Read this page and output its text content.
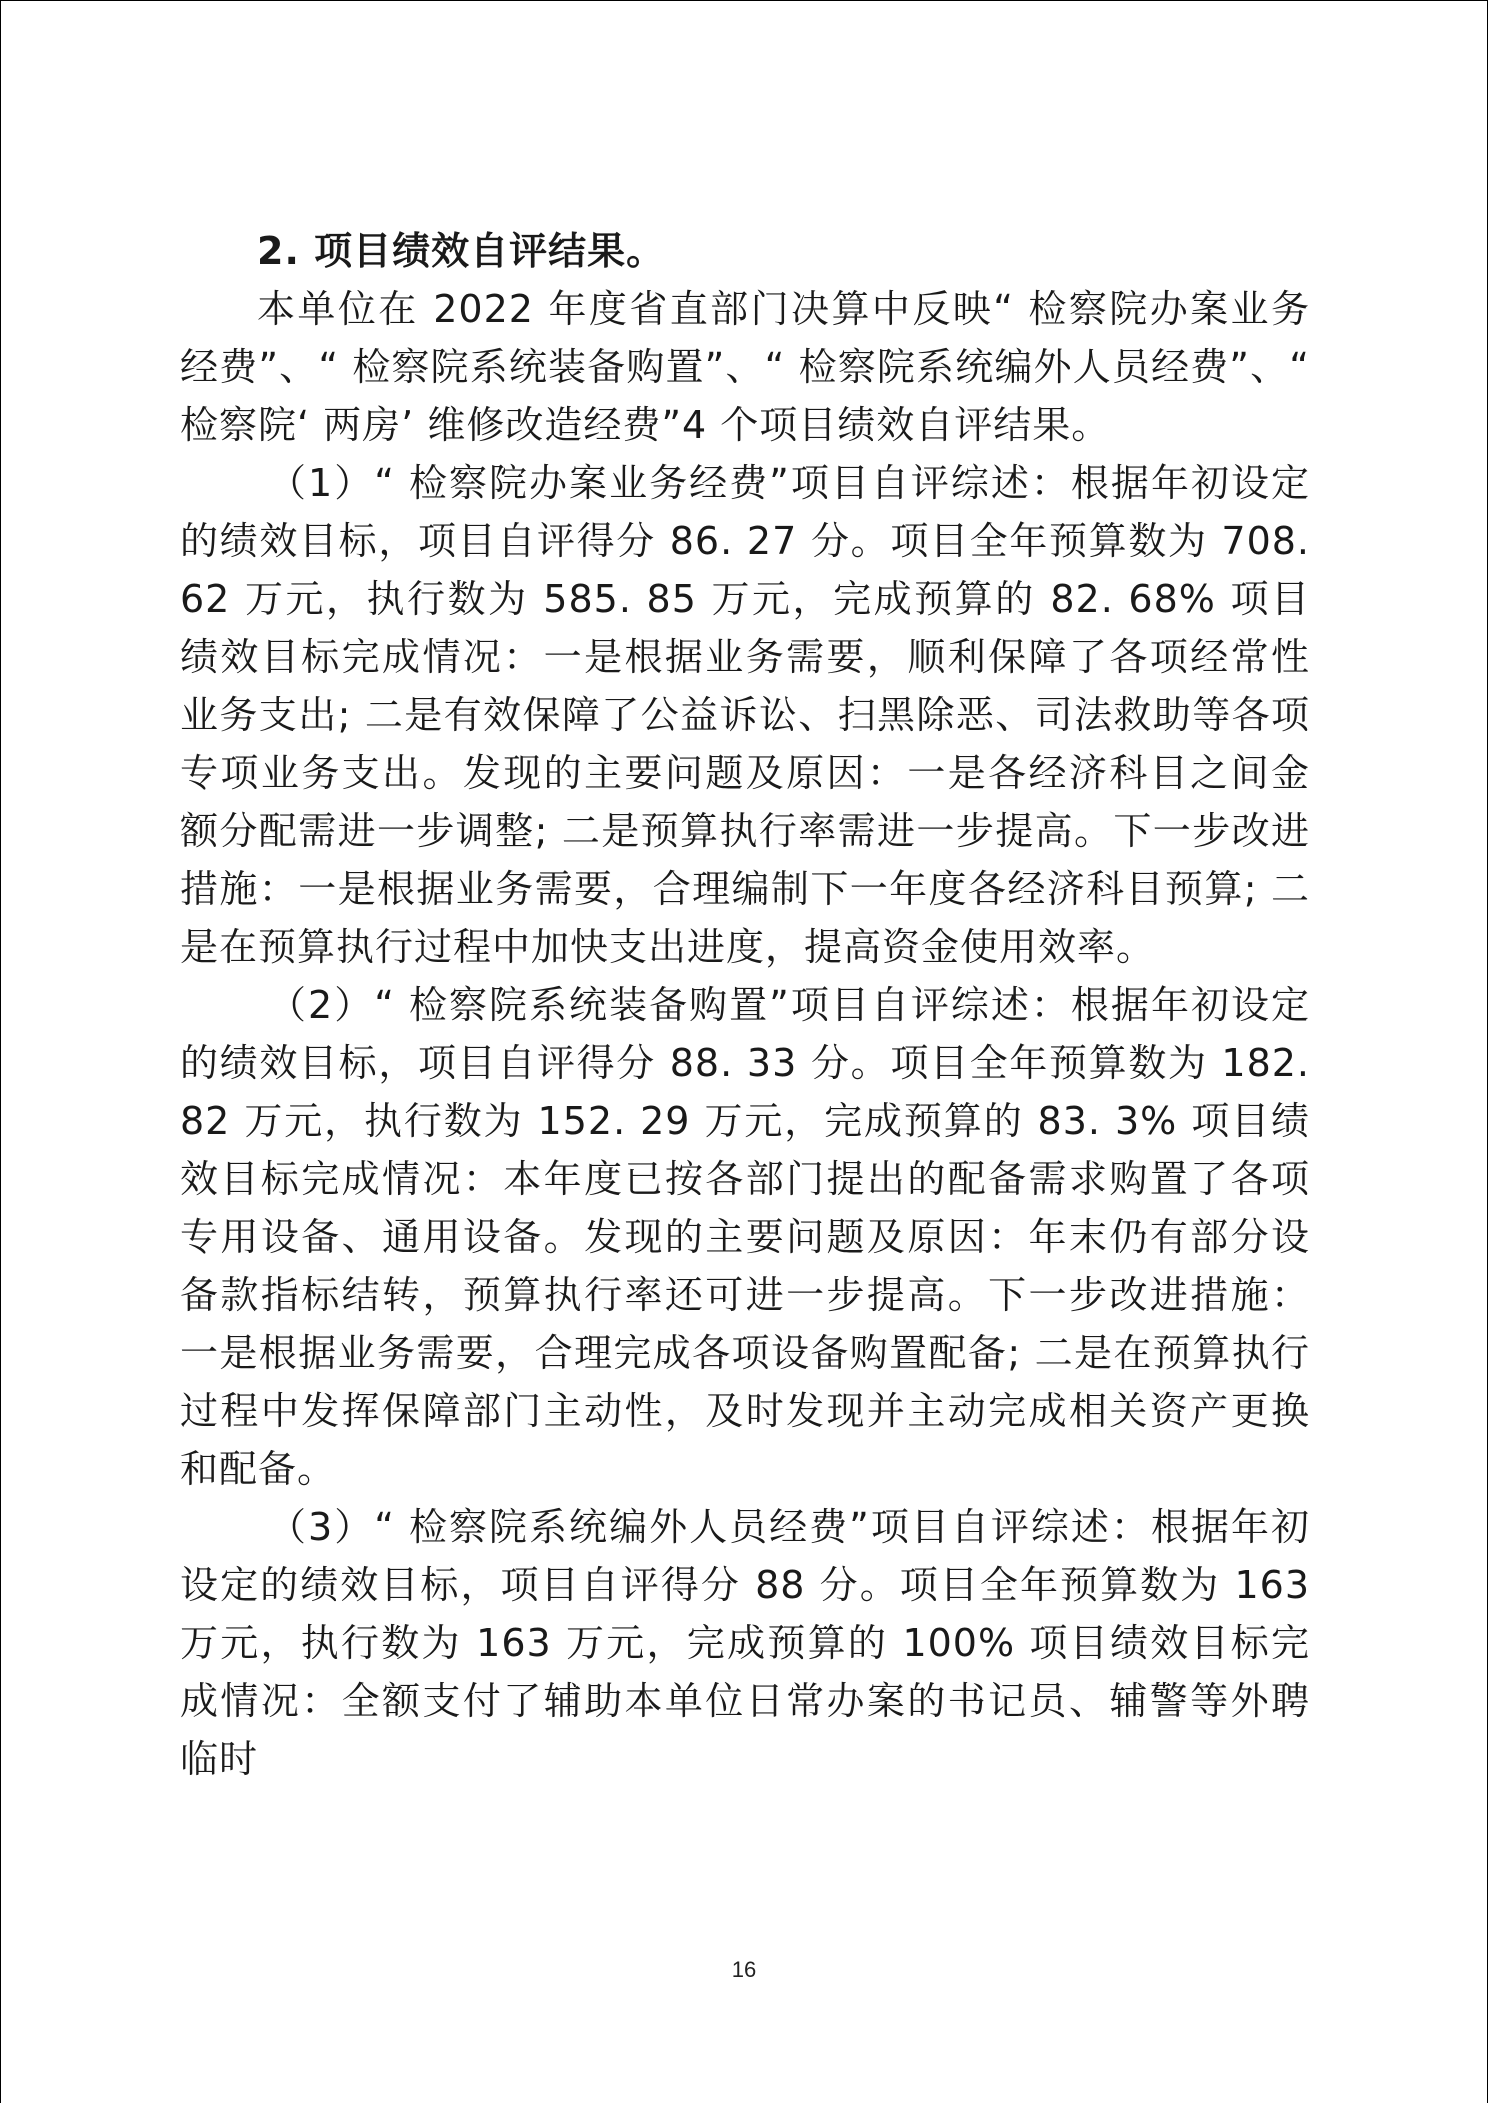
2. 项目绩效自评结果。

本单位在 2022 年度省直部门决算中反映“ 检察院办案业务经费”、“ 检察院系统装备购置”、“ 检察院系统编外人员经费”、“ 检察院‘ 两房’ 维修改造经费”4 个项目绩效自评结果。

（1）“ 检察院办案业务经费”项目自评综述：根据年初设定的绩效目标，项目自评得分 86. 27 分。项目全年预算数为 708. 62 万元，执行数为 585. 85 万元，完成预算的 82. 68% 项目绩效目标完成情况：一是根据业务需要，顺利保障了各项经常性业务支出; 二是有效保障了公益诉讼、扫黑除恶、司法救助等各项专项业务支出。发现的主要问题及原因：一是各经济科目之间金额分配需进一步调整; 二是预算执行率需进一步提高。下一步改进措施：一是根据业务需要，合理编制下一年度各经济科目预算; 二是在预算执行过程中加快支出进度，提高资金使用效率。

（2）“ 检察院系统装备购置”项目自评综述：根据年初设定的绩效目标，项目自评得分 88. 33 分。项目全年预算数为 182. 82 万元，执行数为 152. 29 万元，完成预算的 83. 3% 项目绩效目标完成情况：本年度已按各部门提出的配备需求购置了各项专用设备、通用设备。发现的主要问题及原因：年末仍有部分设备款指标结转，预算执行率还可进一步提高。下一步改进措施：一是根据业务需要，合理完成各项设备购置配备; 二是在预算执行过程中发挥保障部门主动性，及时发现并主动完成相关资产更换和配备。

（3）“ 检察院系统编外人员经费”项目自评综述：根据年初设定的绩效目标，项目自评得分 88 分。项目全年预算数为 163 万元，执行数为 163 万元，完成预算的 100% 项目绩效目标完成情况：全额支付了辅助本单位日常办案的书记员、辅警等外聘临时

16
